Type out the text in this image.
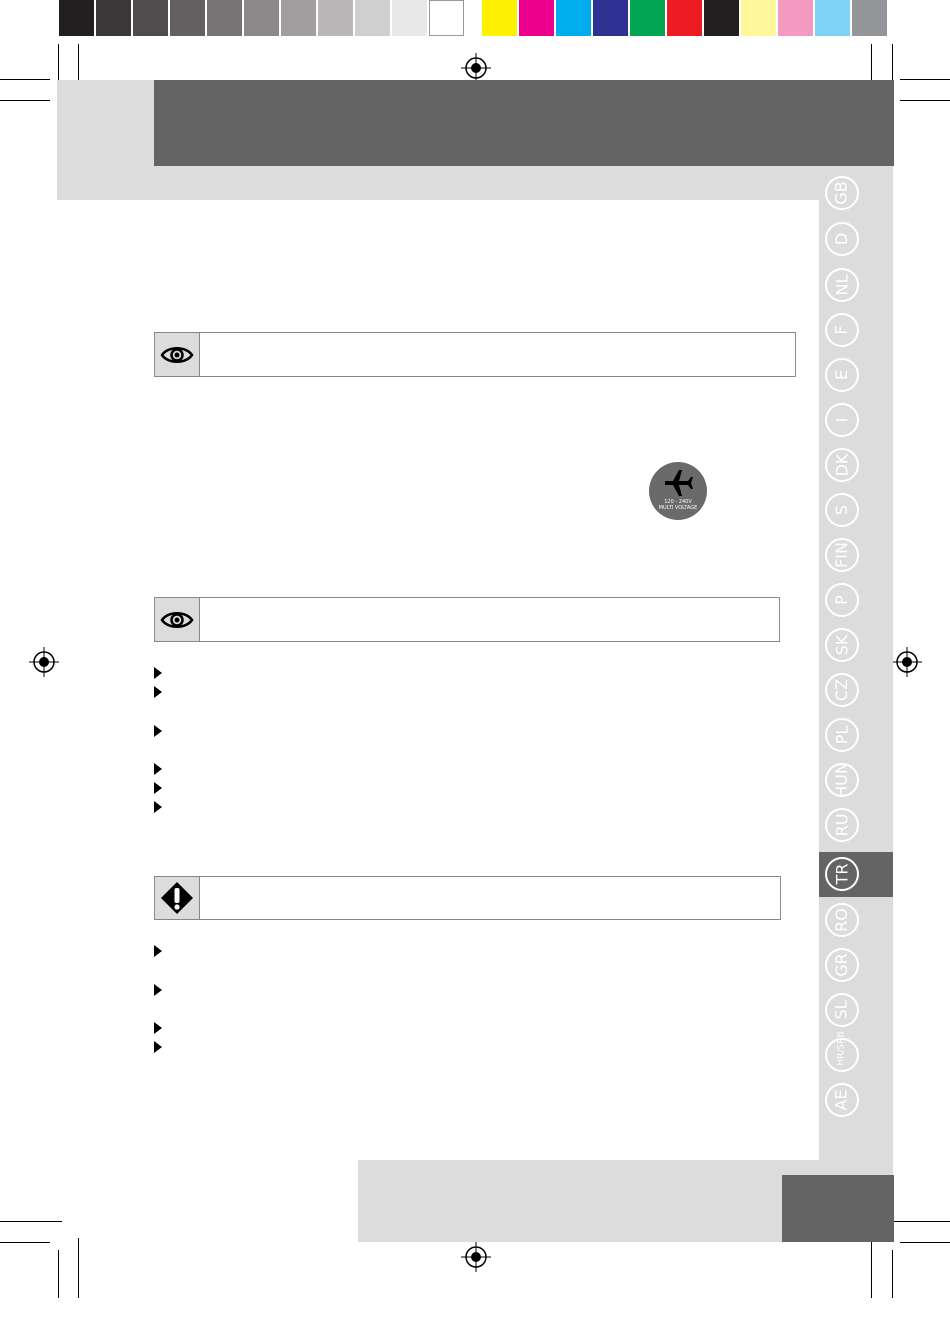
GB
D
NL
F
E
I
DK
S
FIN
P
SK
CZ
PL
HUN
RU
TR
RO
GR
SL
HR/SRB
AE
120 - 240V
MULTI VOLTAGE
